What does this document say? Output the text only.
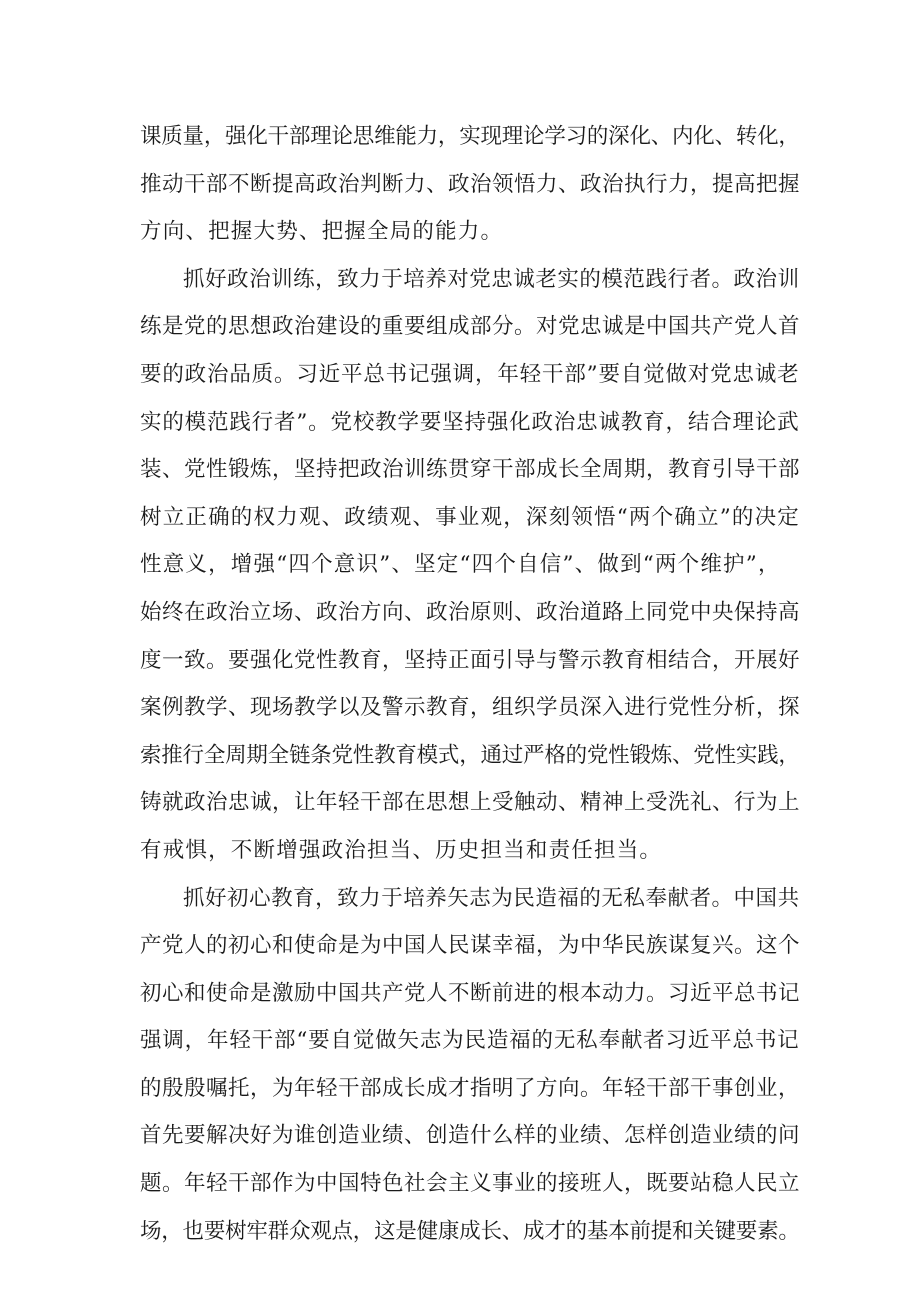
课质量，强化干部理论思维能力，实现理论学习的深化、内化、转化，
推动干部不断提高政治判断力、政治领悟力、政治执行力，提高把握
方向、把握大势、把握全局的能力。

抓好政治训练，致力于培养对党忠诚老实的模范践行者。政治训
练是党的思想政治建设的重要组成部分。对党忠诚是中国共产党人首
要的政治品质。习近平总书记强调，年轻干部”要自觉做对党忠诚老
实的模范践行者”。党校教学要坚持强化政治忠诚教育，结合理论武
装、党性锻炼，坚持把政治训练贯穿干部成长全周期，教育引导干部
树立正确的权力观、政绩观、事业观，深刻领悟“两个确立”的决定
性意义，增强“四个意识”、坚定“四个自信”、做到“两个维护”，
始终在政治立场、政治方向、政治原则、政治道路上同党中央保持高
度一致。要强化党性教育，坚持正面引导与警示教育相结合，开展好
案例教学、现场教学以及警示教育，组织学员深入进行党性分析，探
索推行全周期全链条党性教育模式，通过严格的党性锻炼、党性实践，
铸就政治忠诚，让年轻干部在思想上受触动、精神上受洗礼、行为上
有戒惧，不断增强政治担当、历史担当和责任担当。

抓好初心教育，致力于培养矢志为民造福的无私奉献者。中国共
产党人的初心和使命是为中国人民谋幸福，为中华民族谋复兴。这个
初心和使命是激励中国共产党人不断前进的根本动力。习近平总书记
强调，年轻干部“要自觉做矢志为民造福的无私奉献者习近平总书记
的殷殷嘱托，为年轻干部成长成才指明了方向。年轻干部干事创业，
首先要解决好为谁创造业绩、创造什么样的业绩、怎样创造业绩的问
题。年轻干部作为中国特色社会主义事业的接班人，既要站稳人民立
场，也要树牢群众观点，这是健康成长、成才的基本前提和关键要素。
